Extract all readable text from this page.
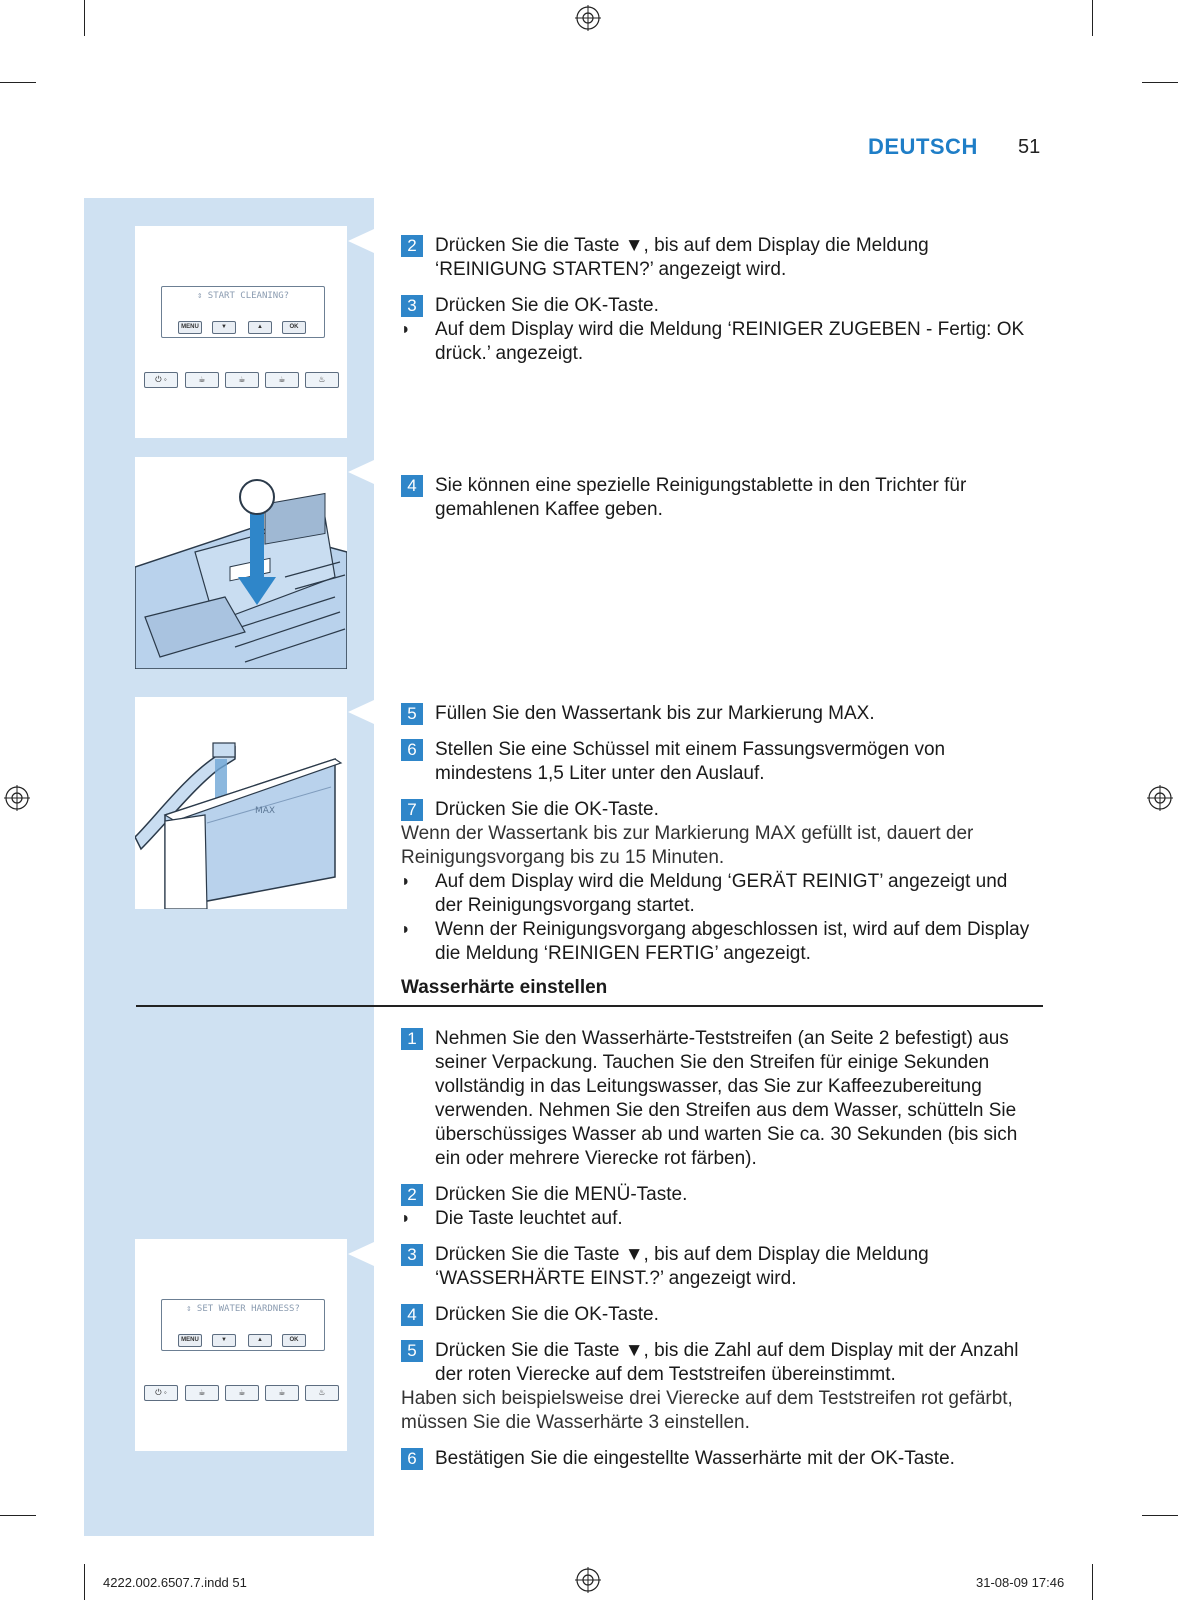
DEUTSCH 51
⇕ START CLEANING?
MENU	▼	▲	OK
⏻ ◦	☕	☕	☕	♨
MAX
⇕ SET WATER HARDNESS?
MENU	▼	▲	OK
⏻ ◦	☕	☕	☕	♨
2 Drücken Sie die Taste ▼, bis auf dem Display die Meldung ‘REINIGUNG STARTEN?’ angezeigt wird.
3 Drücken Sie die OK-Taste.
◗ Auf dem Display wird die Meldung ‘REINIGER ZUGEBEN - Fertig: OK drück.’ angezeigt.
4 Sie können eine spezielle Reinigungstablette in den Trichter für gemahlenen Kaffee geben.
5 Füllen Sie den Wassertank bis zur Markierung MAX.
6 Stellen Sie eine Schüssel mit einem Fassungsvermögen von mindestens 1,5 Liter unter den Auslauf.
7 Drücken Sie die OK-Taste.
Wenn der Wassertank bis zur Markierung MAX gefüllt ist, dauert der Reinigungsvorgang bis zu 15 Minuten.
◗ Auf dem Display wird die Meldung ‘GERÄT REINIGT’ angezeigt und der Reinigungsvorgang startet.
◗ Wenn der Reinigungsvorgang abgeschlossen ist, wird auf dem Display die Meldung ‘REINIGEN FERTIG’ angezeigt.
Wasserhärte einstellen
1 Nehmen Sie den Wasserhärte-Teststreifen (an Seite 2 befestigt) aus seiner Verpackung. Tauchen Sie den Streifen für einige Sekunden vollständig in das Leitungswasser, das Sie zur Kaffeezubereitung verwenden. Nehmen Sie den Streifen aus dem Wasser, schütteln Sie überschüssiges Wasser ab und warten Sie ca. 30 Sekunden (bis sich ein oder mehrere Vierecke rot färben).
2 Drücken Sie die MENÜ-Taste.
◗ Die Taste leuchtet auf.
3 Drücken Sie die Taste ▼, bis auf dem Display die Meldung ‘WASSERHÄRTE EINST.?’ angezeigt wird.
4 Drücken Sie die OK-Taste.
5 Drücken Sie die Taste ▼, bis die Zahl auf dem Display mit der Anzahl der roten Vierecke auf dem Teststreifen übereinstimmt.
Haben sich beispielsweise drei Vierecke auf dem Teststreifen rot gefärbt, müssen Sie die Wasserhärte 3 einstellen.
6 Bestätigen Sie die eingestellte Wasserhärte mit der OK-Taste.
4222.002.6507.7.indd 51	31-08-09 17:46
